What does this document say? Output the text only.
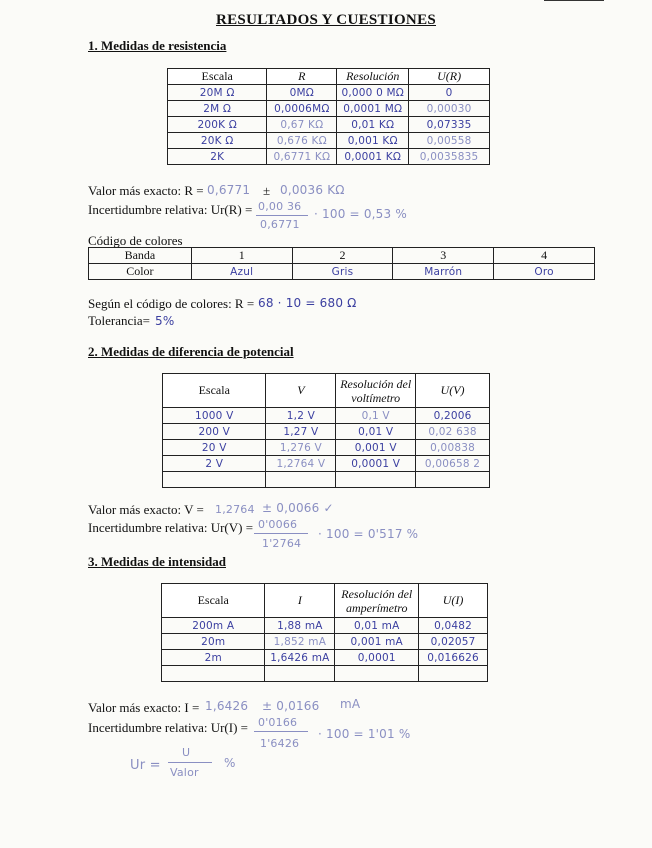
RESULTADOS Y CUESTIONES
1. Medidas de resistencia
Escala	R	Resolución	U(R)
20M Ω	0MΩ	0,000 0 MΩ	0
2M Ω	0,0006MΩ	0,0001 MΩ	0,00030
200K Ω	0,67 KΩ	0,01 KΩ	0,07335
20K Ω	0,676 KΩ	0,001 KΩ	0,00558
2K	0,6771 KΩ	0,0001 KΩ	0,0035835
Valor más exacto: R = 0,6771 ± 0,0036 KΩ
Incertidumbre relativa: Ur(R) = 0,00 36
0,6771
· 100 = 0,53 %
Código de colores
Banda	1	2	3	4
Color	Azul	Gris	Marrón	Oro
Según el código de colores: R = 68 · 10 = 680 Ω
Tolerancia= 5%
2. Medidas de diferencia de potencial
Escala	V	Resolución del voltímetro	U(V)
1000 V	1,2 V	0,1 V	0,2006
200 V	1,27 V	0,01 V	0,02 638
20 V	1,276 V	0,001 V	0,00838
2 V	1,2764 V	0,0001 V	0,00658 2

Valor más exacto: V = 1,2764 ± 0,0066 ✓
Incertidumbre relativa: Ur(V) = 0'0066
1'2764
· 100 = 0'517 %
3. Medidas de intensidad
Escala	I	Resolución del amperímetro	U(I)
200m A	1,88 mA	0,01 mA	0,0482
20m	1,852 mA	0,001 mA	0,02057
2m	1,6426 mA	0,0001	0,016626

Valor más exacto: I = 1,6426 ± 0,0166 mA
Incertidumbre relativa: Ur(I) = 0'0166
1'6426
· 100 = 1'01 %
Ur =
U
Valor
%
